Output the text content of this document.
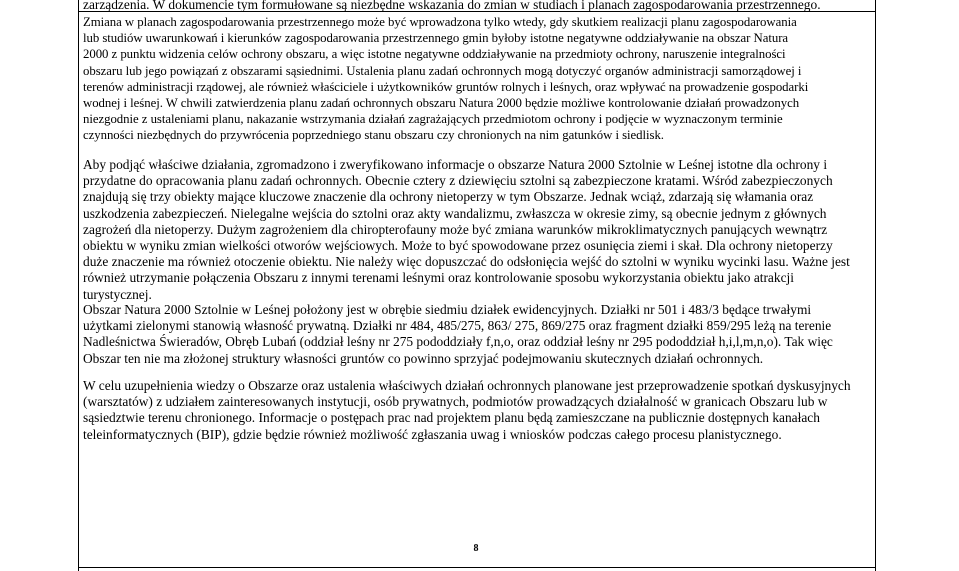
zarządzenia. W dokumencie tym formułowane są niezbędne wskazania do zmian w studiach i planach zagospodarowania przestrzennego.
Zmiana w planach zagospodarowania przestrzennego może być wprowadzona tylko wtedy, gdy skutkiem realizacji planu zagospodarowania
lub studiów uwarunkowań i kierunków zagospodarowania przestrzennego gmin byłoby istotne negatywne oddziaływanie na obszar Natura
2000 z punktu widzenia celów ochrony obszaru, a więc istotne negatywne oddziaływanie na przedmioty ochrony, naruszenie integralności
obszaru lub jego powiązań z obszarami sąsiednimi. Ustalenia planu zadań ochronnych mogą dotyczyć organów administracji samorządowej i
terenów administracji rządowej, ale również właściciele i użytkowników gruntów rolnych i leśnych, oraz wpływać na prowadzenie gospodarki
wodnej i leśnej. W chwili zatwierdzenia planu zadań ochronnych obszaru Natura 2000 będzie możliwe kontrolowanie działań prowadzonych
niezgodnie z ustaleniami planu, nakazanie wstrzymania działań zagrażających przedmiotom ochrony i podjęcie w wyznaczonym terminie
czynności niezbędnych do przywrócenia poprzedniego stanu obszaru czy chronionych na nim gatunków i siedlisk.
Aby podjąć właściwe działania, zgromadzono i zweryfikowano informacje o obszarze Natura 2000 Sztolnie w Leśnej istotne dla ochrony i
przydatne do opracowania planu zadań ochronnych. Obecnie cztery z dziewięciu sztolni są zabezpieczone kratami. Wśród zabezpieczonych
znajdują się trzy obiekty mające kluczowe znaczenie dla ochrony nietoperzy w tym Obszarze. Jednak wciąż, zdarzają się włamania oraz
uszkodzenia zabezpieczeń. Nielegalne wejścia do sztolni oraz akty wandalizmu, zwłaszcza w okresie zimy, są obecnie jednym z głównych
zagrożeń dla nietoperzy. Dużym zagrożeniem dla chiropterofauny może być zmiana warunków mikroklimatycznych panujących wewnątrz
obiektu w wyniku zmian wielkości otworów wejściowych. Może to być spowodowane przez osunięcia ziemi i skał. Dla ochrony nietoperzy
duże znaczenie ma również otoczenie obiektu. Nie należy więc dopuszczać do odsłonięcia wejść do sztolni w wyniku wycinki lasu. Ważne jest
również utrzymanie połączenia Obszaru z innymi terenami leśnymi oraz kontrolowanie sposobu wykorzystania obiektu jako atrakcji
turystycznej.
Obszar Natura 2000 Sztolnie w Leśnej położony jest w obrębie siedmiu działek ewidencyjnych. Działki nr 501 i 483/3 będące trwałymi
użytkami zielonymi stanowią własność prywatną. Działki nr 484, 485/275, 863/ 275, 869/275 oraz fragment działki 859/295 leżą na terenie
Nadleśnictwa Świeradów, Obręb Lubań (oddział leśny nr 275 pododdziały f,n,o, oraz oddział leśny nr 295 pododdział h,i,l,m,n,o). Tak więc
Obszar ten nie ma złożonej struktury własności gruntów co powinno sprzyjać podejmowaniu skutecznych działań ochronnych.
W celu uzupełnienia wiedzy o Obszarze oraz ustalenia właściwych działań ochronnych planowane jest przeprowadzenie spotkań dyskusyjnych
(warsztatów) z udziałem zainteresowanych instytucji, osób prywatnych, podmiotów prowadzących działalność w granicach Obszaru lub w
sąsiedztwie terenu chronionego. Informacje o postępach prac nad projektem planu będą zamieszczane na publicznie dostępnych kanałach
teleinformatycznych (BIP), gdzie będzie również możliwość zgłaszania uwag i wniosków podczas całego procesu planistycznego.
8
